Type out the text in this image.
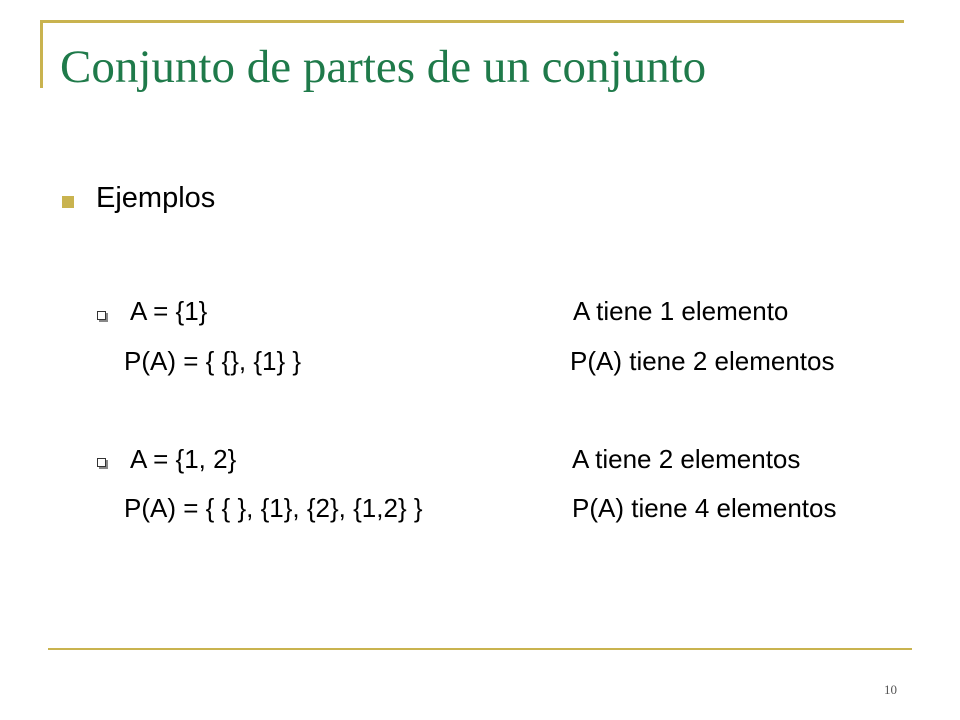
Conjunto de partes de un conjunto
Ejemplos
A = {1}	A tiene 1 elemento
P(A) = { {}, {1} }	P(A) tiene 2 elementos
A = {1, 2}	A tiene 2 elementos
P(A) = { { }, {1}, {2}, {1,2} }	P(A) tiene 4 elementos
10
